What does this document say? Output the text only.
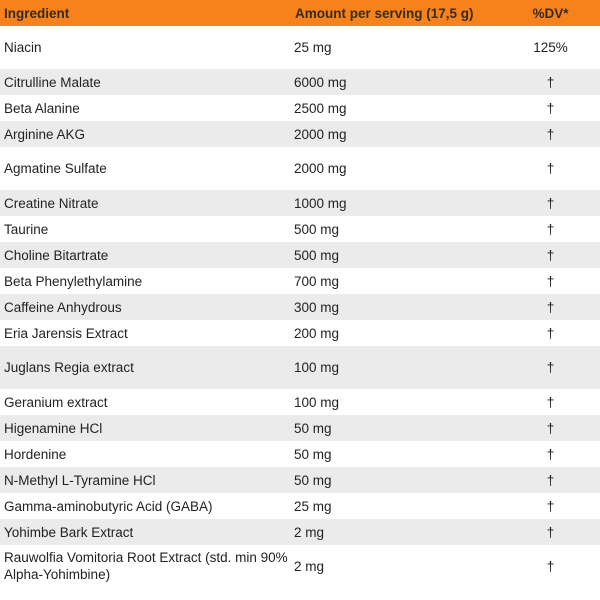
Ingredient	Amount per serving (17,5 g)	%DV*
Niacin	25 mg	125%
Citrulline Malate	6000 mg	†
Beta Alanine	2500 mg	†
Arginine AKG	2000 mg	†
Agmatine Sulfate	2000 mg	†
Creatine Nitrate	1000 mg	†
Taurine	500 mg	†
Choline Bitartrate	500 mg	†
Beta Phenylethylamine	700 mg	†
Caffeine Anhydrous	300 mg	†
Eria Jarensis Extract	200 mg	†
Juglans Regia extract	100 mg	†
Geranium extract	100 mg	†
Higenamine HCl	50 mg	†
Hordenine	50 mg	†
N-Methyl L-Tyramine HCl	50 mg	†
Gamma-aminobutyric Acid (GABA)	25 mg	†
Yohimbe Bark Extract	2 mg	†
Rauwolfia Vomitoria Root Extract (std. min 90% Alpha-Yohimbine)	2 mg	†
